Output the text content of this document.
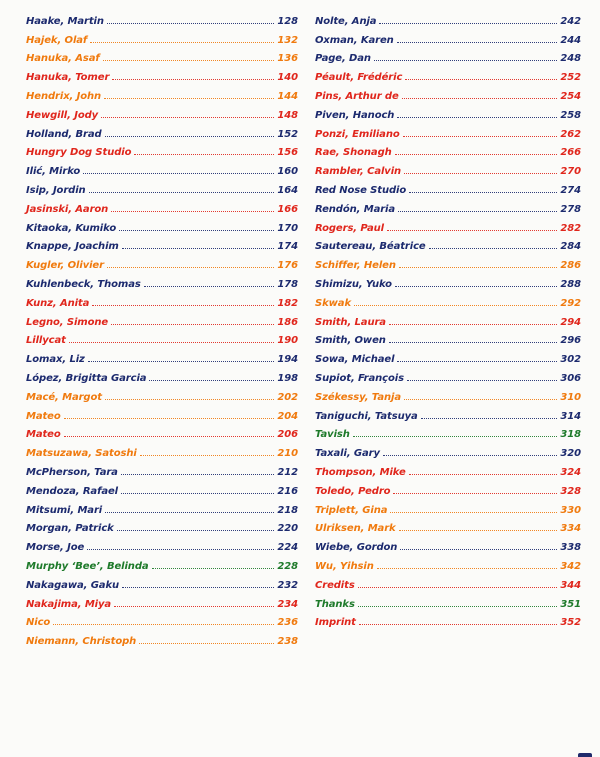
Haake, Martin	128
Hajek, Olaf	132
Hanuka, Asaf	136
Hanuka, Tomer	140
Hendrix, John	144
Hewgill, Jody	148
Holland, Brad	152
Hungry Dog Studio	156
Ilić, Mirko	160
Isip, Jordin	164
Jasinski, Aaron	166
Kitaoka, Kumiko	170
Knappe, Joachim	174
Kugler, Olivier	176
Kuhlenbeck, Thomas	178
Kunz, Anita	182
Legno, Simone	186
Lillycat	190
Lomax, Liz	194
López, Brigitta Garcia	198
Macé, Margot	202
Mateo	204
Mateo	206
Matsuzawa, Satoshi	210
McPherson, Tara	212
Mendoza, Rafael	216
Mitsumi, Mari	218
Morgan, Patrick	220
Morse, Joe	224
Murphy ‘Bee’, Belinda	228
Nakagawa, Gaku	232
Nakajima, Miya	234
Nico	236
Niemann, Christoph	238
Nolte, Anja	242
Oxman, Karen	244
Page, Dan	248
Péault, Frédéric	252
Pins, Arthur de	254
Piven, Hanoch	258
Ponzi, Emiliano	262
Rae, Shonagh	266
Rambler, Calvin	270
Red Nose Studio	274
Rendón, Maria	278
Rogers, Paul	282
Sautereau, Béatrice	284
Schiffer, Helen	286
Shimizu, Yuko	288
Skwak	292
Smith, Laura	294
Smith, Owen	296
Sowa, Michael	302
Supiot, François	306
Székessy, Tanja	310
Taniguchi, Tatsuya	314
Tavish	318
Taxali, Gary	320
Thompson, Mike	324
Toledo, Pedro	328
Triplett, Gina	330
Ulriksen, Mark	334
Wiebe, Gordon	338
Wu, Yihsin	342
Credits	344
Thanks	351
Imprint	352
